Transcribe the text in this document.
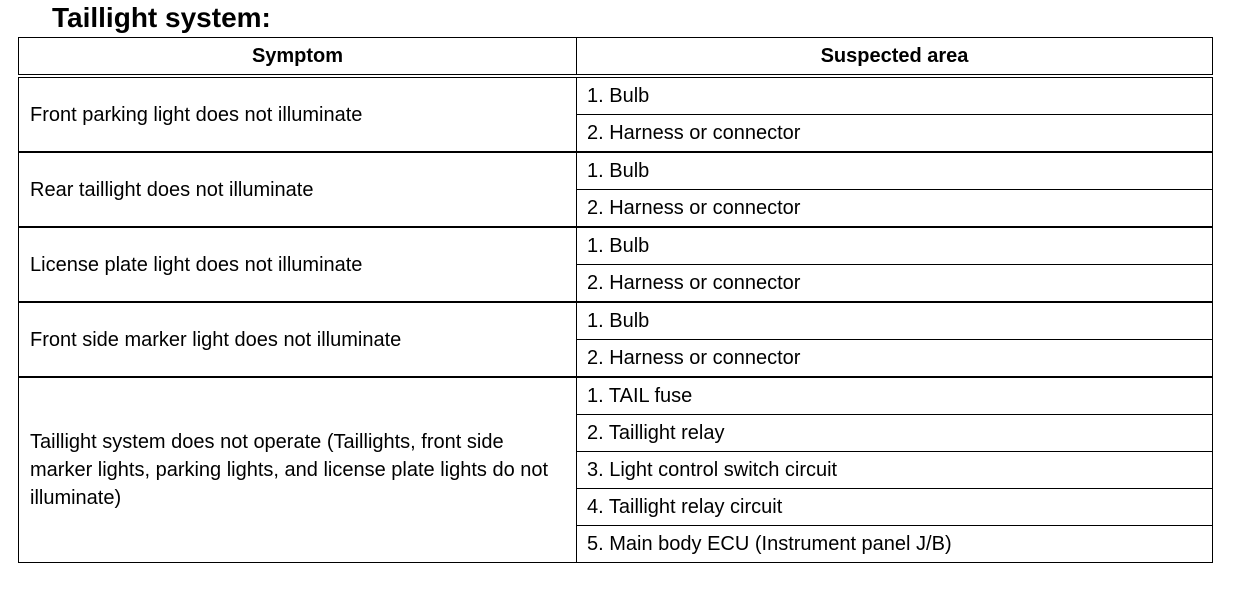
Taillight system:
Symptom	Suspected area
Front parking light does not illuminate	1. Bulb
	2. Harness or connector
Rear taillight does not illuminate	1. Bulb
	2. Harness or connector
License plate light does not illuminate	1. Bulb
	2. Harness or connector
Front side marker light does not illuminate	1. Bulb
	2. Harness or connector
Taillight system does not operate (Taillights, front side marker lights, parking lights, and license plate lights do not illuminate)	1. TAIL fuse
	2. Taillight relay
	3. Light control switch circuit
	4. Taillight relay circuit
	5. Main body ECU (Instrument panel J/B)
